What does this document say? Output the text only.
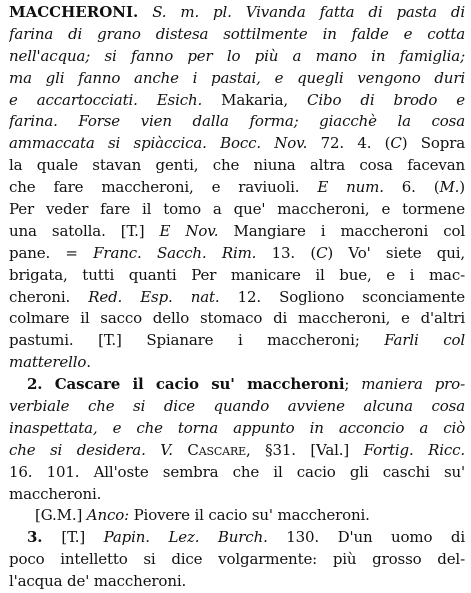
MACCHERONI. S. m. pl. Vivanda fatta di pasta di
farina di grano distesa sottilmente in falde e cotta
nell'acqua; si fanno per lo più a mano in famiglia;
ma gli fanno anche i pastai, e quegli vengono duri
e accartocciati. Esich. Makaria, Cibo di brodo e
farina. Forse vien dalla forma; giacchè la cosa
ammaccata si spiàccica. Bocc. Nov. 72. 4. (C) Sopra
la quale stavan genti, che niuna altra cosa facevan
che fare maccheroni, e raviuoli. E num. 6. (M.)
Per veder fare il tomo a que' maccheroni, e tormene
una satolla. [T.] E Nov. Mangiare i maccheroni col
pane. = Franc. Sacch. Rim. 13. (C) Vo' siete qui,
brigata, tutti quanti Per manicare il bue, e i mac-
cheroni. Red. Esp. nat. 12. Sogliono sconciamente
colmare il sacco dello stomaco di maccheroni, e d'altri
pastumi. [T.] Spianare i maccheroni; Farli col
matterello.
2. Cascare il cacio su' maccheroni; maniera pro-
verbiale che si dice quando avviene alcuna cosa
inaspettata, e che torna appunto in acconcio a ciò
che si desidera. V. Cascare, §31. [Val.] Fortig. Ricc.
16. 101. All'oste sembra che il cacio gli caschi su'
maccheroni.
[G.M.] Anco: Piovere il cacio su' maccheroni.
3. [T.] Papin. Lez. Burch. 130. D'un uomo di
poco intelletto si dice volgarmente: più grosso del-
l'acqua de' maccheroni.
